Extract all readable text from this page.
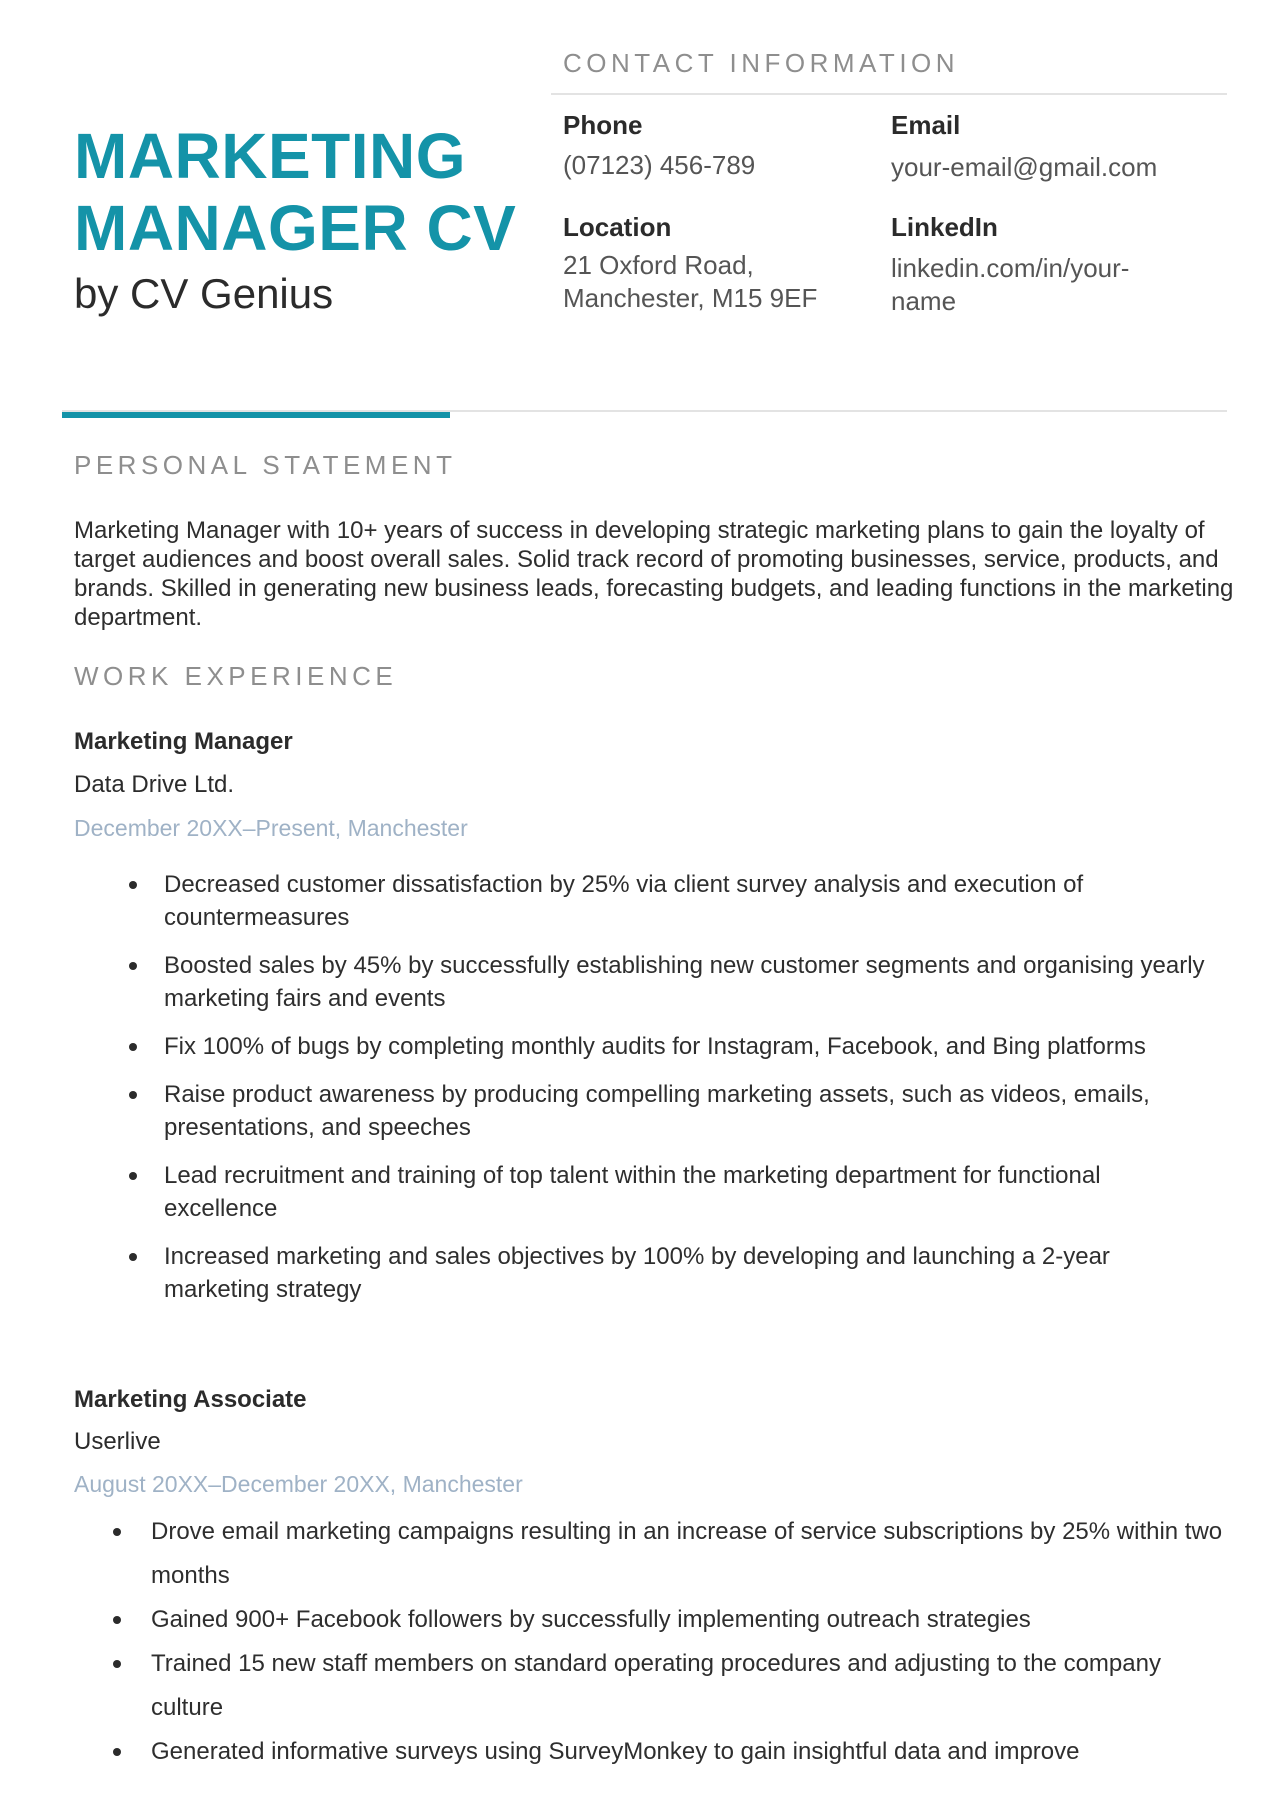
MARKETING
MANAGER CV
by CV Genius
CONTACT INFORMATION
Phone
(07123) 456-789
Email
your-email@gmail.com
Location
21 Oxford Road,
Manchester, M15 9EF
LinkedIn
linkedin.com/in/your-
name
PERSONAL STATEMENT
Marketing Manager with 10+ years of success in developing strategic marketing plans to gain the loyalty of target audiences and boost overall sales. Solid track record of promoting businesses, service, products, and brands. Skilled in generating new business leads, forecasting budgets, and leading functions in the marketing department.
WORK EXPERIENCE
Marketing Manager
Data Drive Ltd.
December 20XX–Present, Manchester
Decreased customer dissatisfaction by 25% via client survey analysis and execution of countermeasures
Boosted sales by 45% by successfully establishing new customer segments and organising yearly marketing fairs and events
Fix 100% of bugs by completing monthly audits for Instagram, Facebook, and Bing platforms
Raise product awareness by producing compelling marketing assets, such as videos, emails, presentations, and speeches
Lead recruitment and training of top talent within the marketing department for functional excellence
Increased marketing and sales objectives by 100% by developing and launching a 2-year marketing strategy
Marketing Associate
Userlive
August 20XX–December 20XX, Manchester
Drove email marketing campaigns resulting in an increase of service subscriptions by 25% within two months
Gained 900+ Facebook followers by successfully implementing outreach strategies
Trained 15 new staff members on standard operating procedures and adjusting to the company culture
Generated informative surveys using SurveyMonkey to gain insightful data and improve
